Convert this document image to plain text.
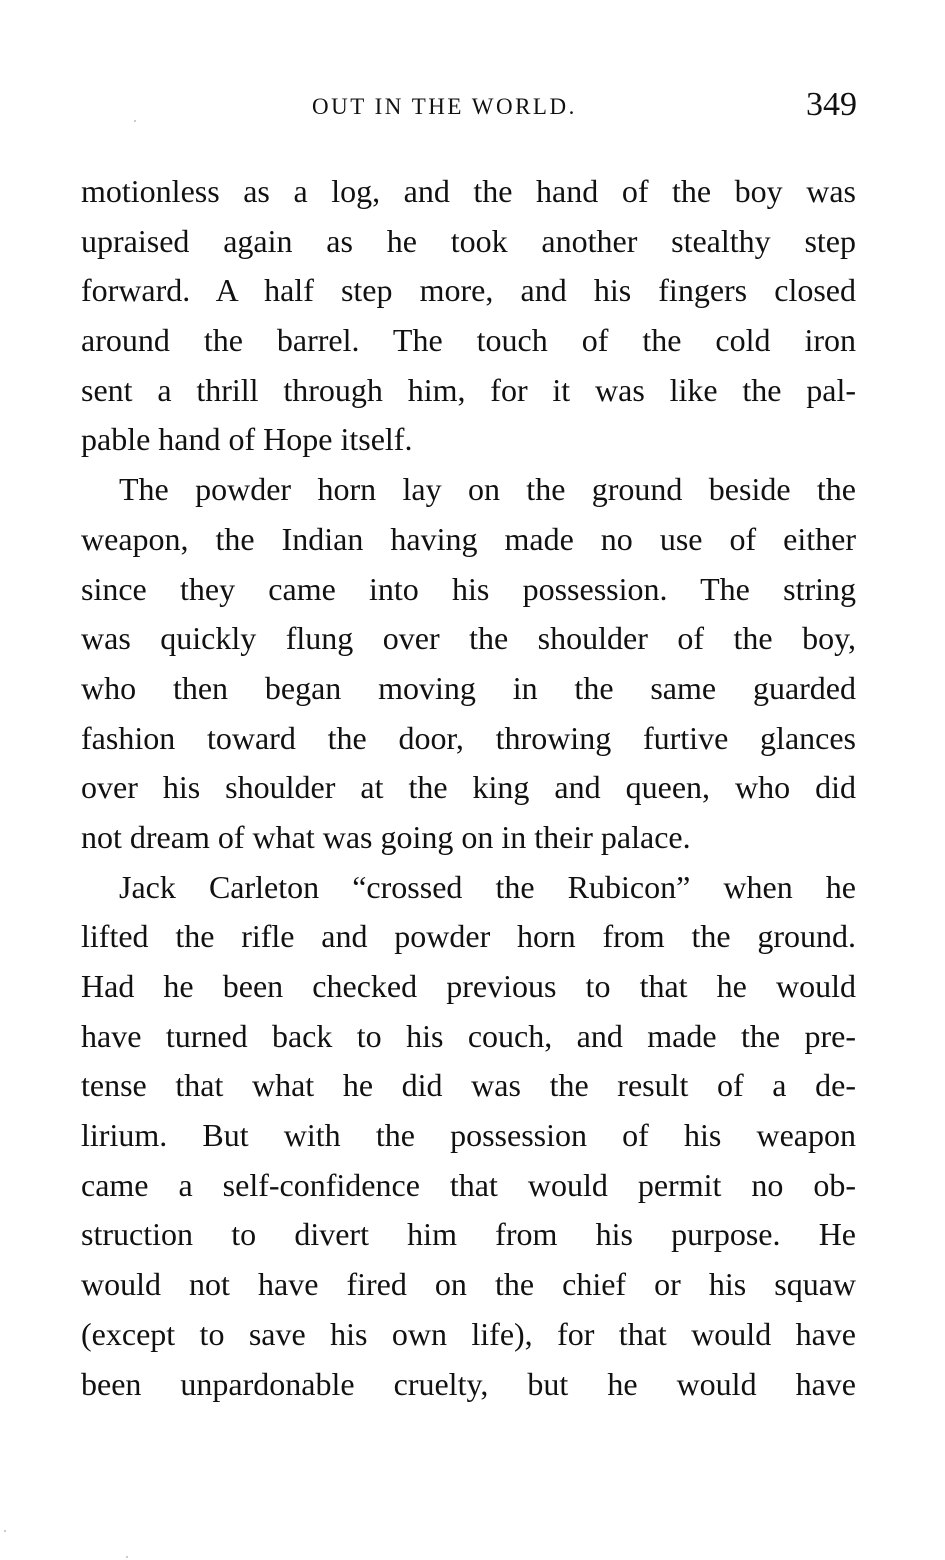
OUT IN THE WORLD.	349
motionless as a log, and the hand of the boy was
upraised again as he took another stealthy step
forward. A half step more, and his fingers closed
around the barrel. The touch of the cold iron
sent a thrill through him, for it was like the pal-
pable hand of Hope itself.
The powder horn lay on the ground beside the
weapon, the Indian having made no use of either
since they came into his possession. The string
was quickly flung over the shoulder of the boy,
who then began moving in the same guarded
fashion toward the door, throwing furtive glances
over his shoulder at the king and queen, who did
not dream of what was going on in their palace.
Jack Carleton “crossed the Rubicon” when he
lifted the rifle and powder horn from the ground.
Had he been checked previous to that he would
have turned back to his couch, and made the pre-
tense that what he did was the result of a de-
lirium. But with the possession of his weapon
came a self-confidence that would permit no ob-
struction to divert him from his purpose. He
would not have fired on the chief or his squaw
(except to save his own life), for that would have
been unpardonable cruelty, but he would have
